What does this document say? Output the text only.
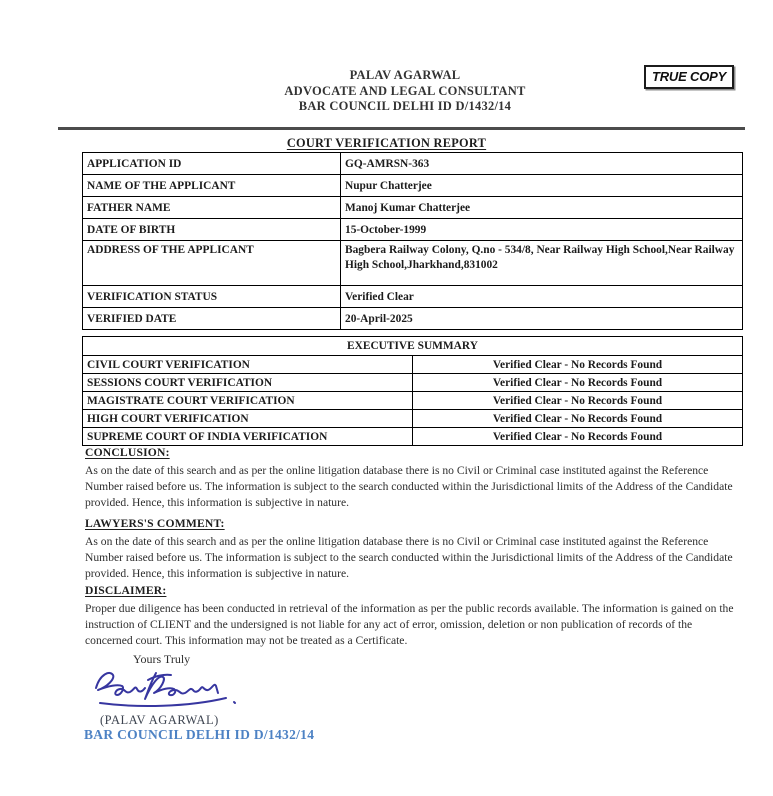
PALAV AGARWAL
ADVOCATE AND LEGAL CONSULTANT
BAR COUNCIL DELHI ID D/1432/14
TRUE COPY
COURT VERIFICATION REPORT
APPLICATION ID	GQ-AMRSN-363
NAME OF THE APPLICANT	Nupur Chatterjee
FATHER NAME	Manoj Kumar Chatterjee
DATE OF BIRTH	15-October-1999
ADDRESS OF THE APPLICANT	Bagbera Railway Colony, Q.no - 534/8, Near Railway High School,Near Railway High School,Jharkhand,831002
VERIFICATION STATUS	Verified Clear
VERIFIED DATE	20-April-2025
EXECUTIVE SUMMARY	
CIVIL COURT VERIFICATION	Verified Clear - No Records Found
SESSIONS COURT VERIFICATION	Verified Clear - No Records Found
MAGISTRATE COURT VERIFICATION	Verified Clear - No Records Found
HIGH COURT VERIFICATION	Verified Clear - No Records Found
SUPREME COURT OF INDIA VERIFICATION	Verified Clear - No Records Found

CONCLUSION:

As on the date of this search and as per the online litigation database there is no Civil or Criminal case instituted against the Reference Number raised before us. The information is subject to the search conducted within the Jurisdictional limits of the Address of the Candidate provided. Hence, this information is subjective in nature.

LAWYERS'S COMMENT:

As on the date of this search and as per the online litigation database there is no Civil or Criminal case instituted against the Reference Number raised before us. The information is subject to the search conducted within the Jurisdictional limits of the Address of the Candidate provided. Hence, this information is subjective in nature.

DISCLAIMER:

Proper due diligence has been conducted in retrieval of the information as per the public records available. The information is gained on the instruction of CLIENT and the undersigned is not liable for any act of error, omission, deletion or non publication of records of the concerned court. This information may not be treated as a Certificate.

Yours Truly
(PALAV AGARWAL)
BAR COUNCIL DELHI ID D/1432/14
